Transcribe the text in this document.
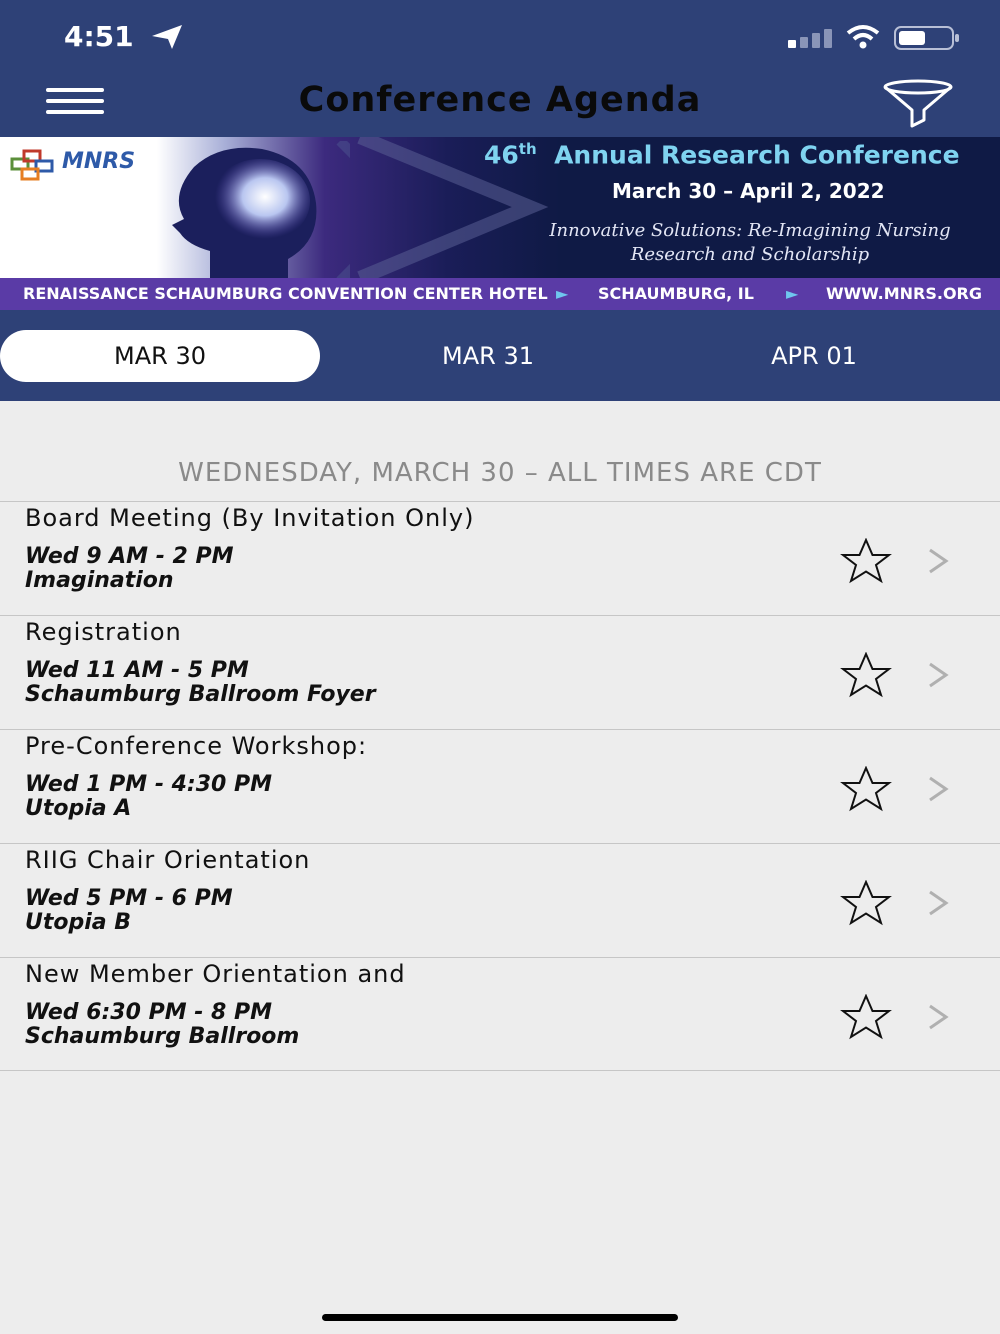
4:51
Conference Agenda
MNRS	46th Annual Research Conference
March 30 – April 2, 2022
Innovative Solutions: Re-Imagining Nursing
Research and Scholarship
RENAISSANCE SCHAUMBURG CONVENTION CENTER HOTEL ► SCHAUMBURG, IL ► WWW.MNRS.ORG
MAR 30	MAR 31	APR 01
WEDNESDAY, MARCH 30 – ALL TIMES ARE CDT
Board Meeting (By Invitation Only)
Wed 9 AM - 2 PM
Imagination
Registration
Wed 11 AM - 5 PM
Schaumburg Ballroom Foyer
Pre-Conference Workshop:
Wed 1 PM - 4:30 PM
Utopia A
RIIG Chair Orientation
Wed 5 PM - 6 PM
Utopia B
New Member Orientation and
Wed 6:30 PM - 8 PM
Schaumburg Ballroom
